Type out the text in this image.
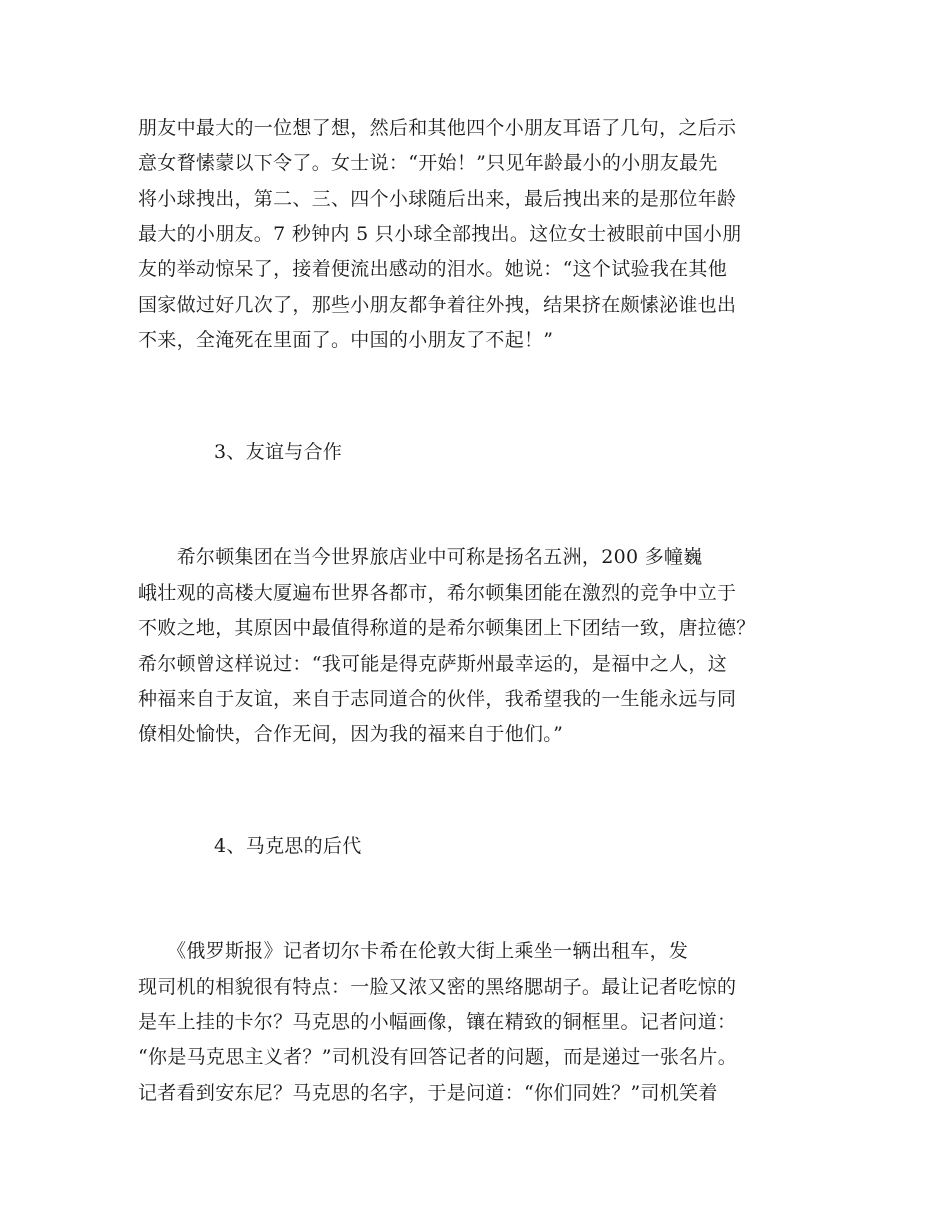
朋友中最大的一位想了想，然后和其他四个小朋友耳语了几句，之后示

意女瞀愫蒙以下令了。女士说：“开始！”只见年龄最小的小朋友最先

将小球拽出，第二、三、四个小球随后出来，最后拽出来的是那位年龄

最大的小朋友。7 秒钟内 5 只小球全部拽出。这位女士被眼前中国小朋

友的举动惊呆了，接着便流出感动的泪水。她说：“这个试验我在其他

国家做过好几次了，那些小朋友都争着往外拽，结果挤在颇愫泌谁也出

不来，全淹死在里面了。中国的小朋友了不起！”

3、友谊与合作

　　希尔顿集团在当今世界旅店业中可称是扬名五洲，200 多幢巍

峨壮观的高楼大厦遍布世界各都市，希尔顿集团能在激烈的竞争中立于

不败之地，其原因中最值得称道的是希尔顿集团上下团结一致，唐拉德？

希尔顿曾这样说过：“我可能是得克萨斯州最幸运的，是福中之人，这

种福来自于友谊，来自于志同道合的伙伴，我希望我的一生能永远与同

僚相处愉快，合作无间，因为我的福来自于他们。”

4、马克思的后代

　　《俄罗斯报》记者切尔卡希在伦敦大街上乘坐一辆出租车，发

现司机的相貌很有特点：一脸又浓又密的黑络腮胡子。最让记者吃惊的

是车上挂的卡尔？马克思的小幅画像，镶在精致的铜框里。记者问道：

“你是马克思主义者？”司机没有回答记者的问题，而是递过一张名片。

记者看到安东尼？马克思的名字，于是问道：“你们同姓？”司机笑着
